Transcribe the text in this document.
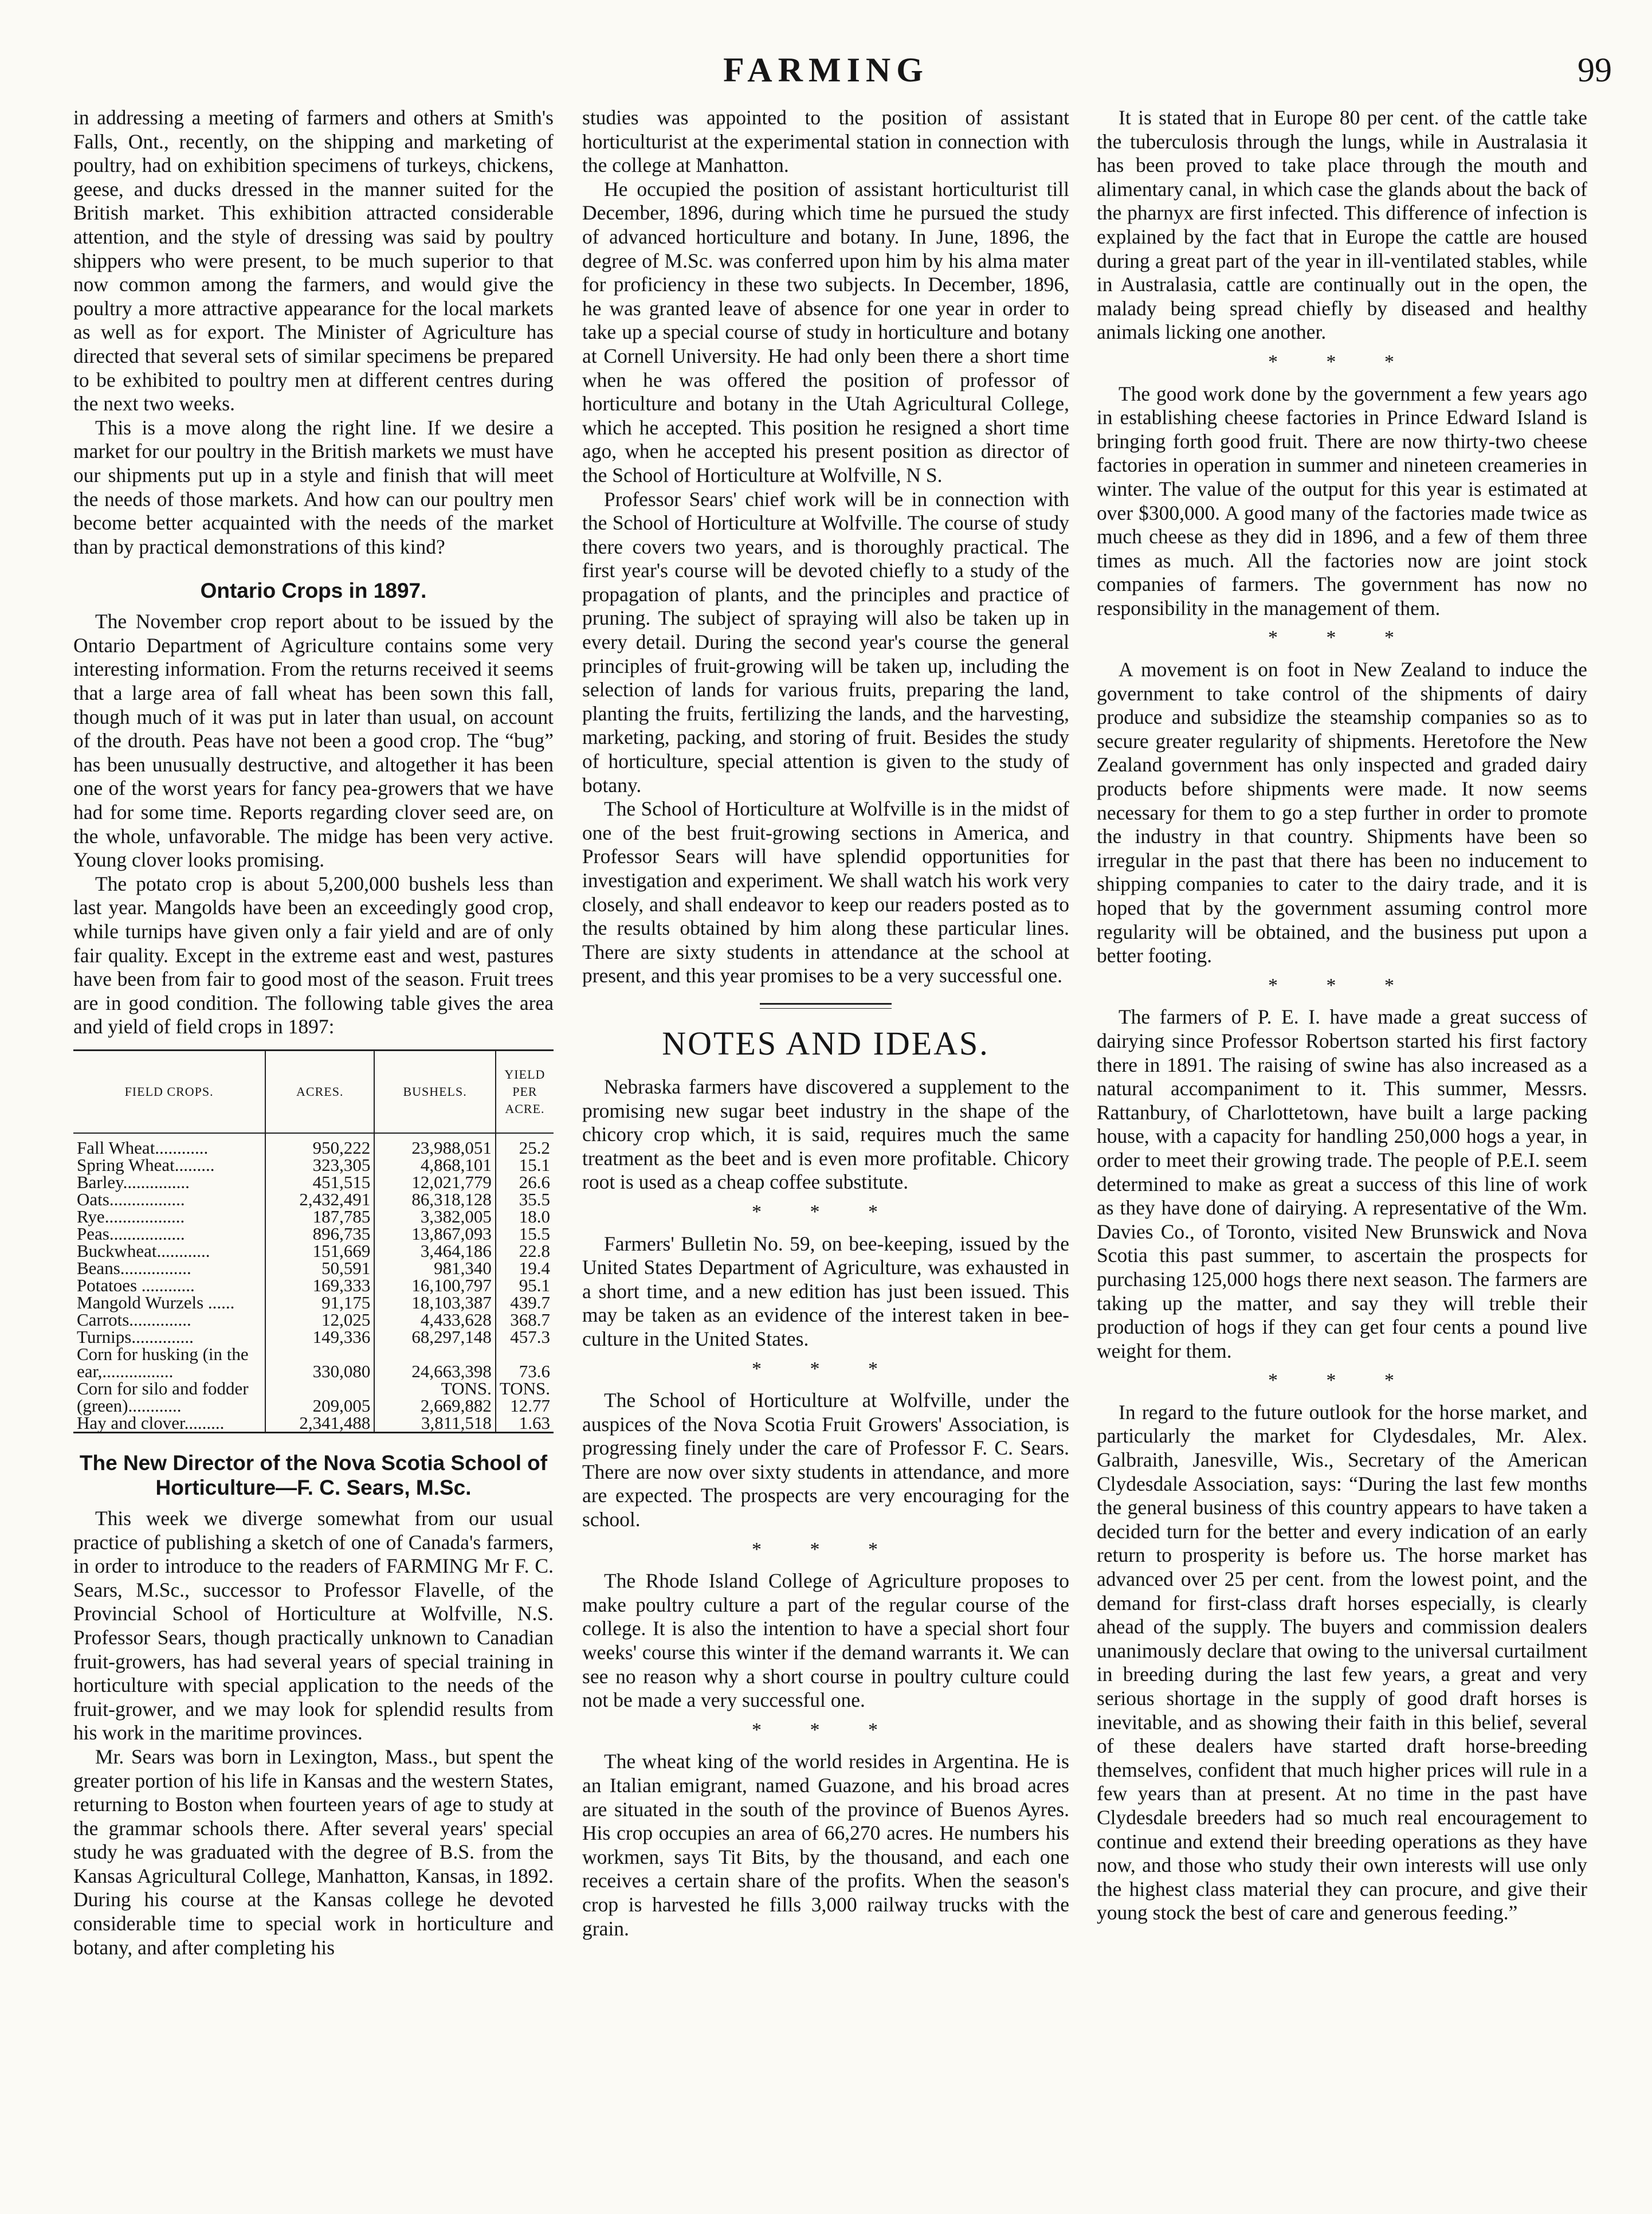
FARMING	99

in addressing a meeting of farmers and others at Smith's Falls, Ont., recently, on the shipping and marketing of poultry, had on exhibition specimens of turkeys, chickens, geese, and ducks dressed in the manner suited for the British market. This exhibition attracted considerable attention, and the style of dressing was said by poultry shippers who were present, to be much superior to that now common among the farmers, and would give the poultry a more attractive appearance for the local markets as well as for export. The Minister of Agriculture has directed that several sets of similar specimens be prepared to be exhibited to poultry men at different centres during the next two weeks.

This is a move along the right line. If we desire a market for our poultry in the British markets we must have our shipments put up in a style and finish that will meet the needs of those markets. And how can our poultry men become better acquainted with the needs of the market than by practical demonstrations of this kind?

Ontario Crops in 1897.

The November crop report about to be issued by the Ontario Department of Agriculture contains some very interesting information. From the returns received it seems that a large area of fall wheat has been sown this fall, though much of it was put in later than usual, on account of the drouth. Peas have not been a good crop. The “bug” has been unusually destructive, and altogether it has been one of the worst years for fancy pea-growers that we have had for some time. Reports regarding clover seed are, on the whole, unfavorable. The midge has been very active. Young clover looks promising.

The potato crop is about 5,200,000 bushels less than last year. Mangolds have been an exceedingly good crop, while turnips have given only a fair yield and are of only fair quality. Except in the extreme east and west, pastures have been from fair to good most of the season. Fruit trees are in good condition. The following table gives the area and yield of field crops in 1897:

FIELD CROPS.	ACRES.	BUSHELS.	YIELD PER ACRE.
Fall Wheat............	950,222	23,988,051	25.2
Spring Wheat.........	323,305	4,868,101	15.1
Barley...............	451,515	12,021,779	26.6
Oats.................	2,432,491	86,318,128	35.5
Rye..................	187,785	3,382,005	18.0
Peas.................	896,735	13,867,093	15.5
Buckwheat............	151,669	3,464,186	22.8
Beans................	50,591	981,340	19.4
Potatoes ............	169,333	16,100,797	95.1
Mangold Wurzels ......	91,175	18,103,387	439.7
Carrots..............	12,025	4,433,628	368.7
Turnips..............	149,336	68,297,148	457.3
Corn for husking (in the			
ear,................	330,080	24,663,398	73.6
Corn for silo and fodder		TONS.	TONS.
(green)............	209,005	2,669,882	12.77
Hay and clover.........	2,341,488	3,811,518	1.63
The New Director of the Nova Scotia School of Horticulture—F. C. Sears, M.Sc.

This week we diverge somewhat from our usual practice of publishing a sketch of one of Canada's farmers, in order to introduce to the readers of FARMING Mr F. C. Sears, M.Sc., successor to Professor Flavelle, of the Provincial School of Horticulture at Wolfville, N.S. Professor Sears, though practically unknown to Canadian fruit-growers, has had several years of special training in horticulture with special application to the needs of the fruit-grower, and we may look for splendid results from his work in the maritime provinces.

Mr. Sears was born in Lexington, Mass., but spent the greater portion of his life in Kansas and the western States, returning to Boston when fourteen years of age to study at the grammar schools there. After several years' special study he was graduated with the degree of B.S. from the Kansas Agricultural College, Manhatton, Kansas, in 1892. During his course at the Kansas college he devoted considerable time to special work in horticulture and botany, and after completing his

studies was appointed to the position of assistant horticulturist at the experimental station in connection with the college at Manhatton.

He occupied the position of assistant horticulturist till December, 1896, during which time he pursued the study of advanced horticulture and botany. In June, 1896, the degree of M.Sc. was conferred upon him by his alma mater for proficiency in these two subjects. In December, 1896, he was granted leave of absence for one year in order to take up a special course of study in horticulture and botany at Cornell University. He had only been there a short time when he was offered the position of professor of horticulture and botany in the Utah Agricultural College, which he accepted. This position he resigned a short time ago, when he accepted his present position as director of the School of Horticulture at Wolfville, N S.

Professor Sears' chief work will be in connection with the School of Horticulture at Wolfville. The course of study there covers two years, and is thoroughly practical. The first year's course will be devoted chiefly to a study of the propagation of plants, and the principles and practice of pruning. The subject of spraying will also be taken up in every detail. During the second year's course the general principles of fruit-growing will be taken up, including the selection of lands for various fruits, preparing the land, planting the fruits, fertilizing the lands, and the harvesting, marketing, packing, and storing of fruit. Besides the study of horticulture, special attention is given to the study of botany.

The School of Horticulture at Wolfville is in the midst of one of the best fruit-growing sections in America, and Professor Sears will have splendid opportunities for investigation and experiment. We shall watch his work very closely, and shall endeavor to keep our readers posted as to the results obtained by him along these particular lines. There are sixty students in attendance at the school at present, and this year promises to be a very successful one.

NOTES AND IDEAS.

Nebraska farmers have discovered a supplement to the promising new sugar beet industry in the shape of the chicory crop which, it is said, requires much the same treatment as the beet and is even more profitable. Chicory root is used as a cheap coffee substitute.

* * *

Farmers' Bulletin No. 59, on bee-keeping, issued by the United States Department of Agriculture, was exhausted in a short time, and a new edition has just been issued. This may be taken as an evidence of the interest taken in bee-culture in the United States.

* * *

The School of Horticulture at Wolfville, under the auspices of the Nova Scotia Fruit Growers' Association, is progressing finely under the care of Professor F. C. Sears. There are now over sixty students in attendance, and more are expected. The prospects are very encouraging for the school.

* * *

The Rhode Island College of Agriculture proposes to make poultry culture a part of the regular course of the college. It is also the intention to have a special short four weeks' course this winter if the demand warrants it. We can see no reason why a short course in poultry culture could not be made a very successful one.

* * *

The wheat king of the world resides in Argentina. He is an Italian emigrant, named Guazone, and his broad acres are situated in the south of the province of Buenos Ayres. His crop occupies an area of 66,270 acres. He numbers his workmen, says Tit Bits, by the thousand, and each one receives a certain share of the profits. When the season's crop is harvested he fills 3,000 railway trucks with the grain.

It is stated that in Europe 80 per cent. of the cattle take the tuberculosis through the lungs, while in Australasia it has been proved to take place through the mouth and alimentary canal, in which case the glands about the back of the pharnyx are first infected. This difference of infection is explained by the fact that in Europe the cattle are housed during a great part of the year in ill-ventilated stables, while in Australasia, cattle are continually out in the open, the malady being spread chiefly by diseased and healthy animals licking one another.

* * *

The good work done by the government a few years ago in establishing cheese factories in Prince Edward Island is bringing forth good fruit. There are now thirty-two cheese factories in operation in summer and nineteen creameries in winter. The value of the output for this year is estimated at over $300,000. A good many of the factories made twice as much cheese as they did in 1896, and a few of them three times as much. All the factories now are joint stock companies of farmers. The government has now no responsibility in the management of them.

* * *

A movement is on foot in New Zealand to induce the government to take control of the shipments of dairy produce and subsidize the steamship companies so as to secure greater regularity of shipments. Heretofore the New Zealand government has only inspected and graded dairy products before shipments were made. It now seems necessary for them to go a step further in order to promote the industry in that country. Shipments have been so irregular in the past that there has been no inducement to shipping companies to cater to the dairy trade, and it is hoped that by the government assuming control more regularity will be obtained, and the business put upon a better footing.

* * *

The farmers of P. E. I. have made a great success of dairying since Professor Robertson started his first factory there in 1891. The raising of swine has also increased as a natural accompaniment to it. This summer, Messrs. Rattanbury, of Charlottetown, have built a large packing house, with a capacity for handling 250,000 hogs a year, in order to meet their growing trade. The people of P.E.I. seem determined to make as great a success of this line of work as they have done of dairying. A representative of the Wm. Davies Co., of Toronto, visited New Brunswick and Nova Scotia this past summer, to ascertain the prospects for purchasing 125,000 hogs there next season. The farmers are taking up the matter, and say they will treble their production of hogs if they can get four cents a pound live weight for them.

* * *

In regard to the future outlook for the horse market, and particularly the market for Clydesdales, Mr. Alex. Galbraith, Janesville, Wis., Secretary of the American Clydesdale Association, says: “During the last few months the general business of this country appears to have taken a decided turn for the better and every indication of an early return to prosperity is before us. The horse market has advanced over 25 per cent. from the lowest point, and the demand for first-class draft horses especially, is clearly ahead of the supply. The buyers and commission dealers unanimously declare that owing to the universal curtailment in breeding during the last few years, a great and very serious shortage in the supply of good draft horses is inevitable, and as showing their faith in this belief, several of these dealers have started draft horse-breeding themselves, confident that much higher prices will rule in a few years than at present. At no time in the past have Clydesdale breeders had so much real encouragement to continue and extend their breeding operations as they have now, and those who study their own interests will use only the highest class material they can procure, and give their young stock the best of care and generous feeding.”
